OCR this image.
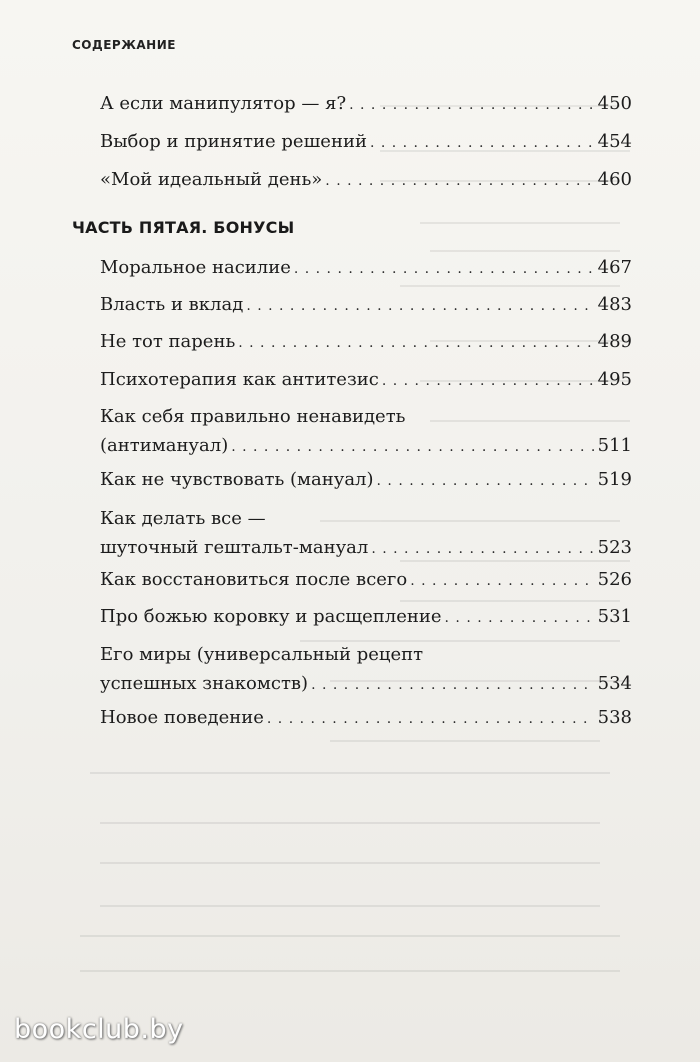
СОДЕРЖАНИЕ
А если манипулятор — я? . . .	450
Выбор и принятие решений . . .	454
«Мой идеальный день» . . .	460
ЧАСТЬ ПЯТАЯ. БОНУСЫ
Моральное насилие . . .	467
Власть и вклад . . .	483
Не тот парень . . .	489
Психотерапия как антитезис . . .	495
Как себя правильно ненавидеть
(антимануал) . . .	511
Как не чувствовать (мануал) . . .	519
Как делать все —
шуточный гештальт-мануал . . .	523
Как восстановиться после всего . . .	526
Про божью коровку и расщепление . . .	531
Его миры (универсальный рецепт
успешных знакомств) . . .	534
Новое поведение . . .	538
bookclub.by
